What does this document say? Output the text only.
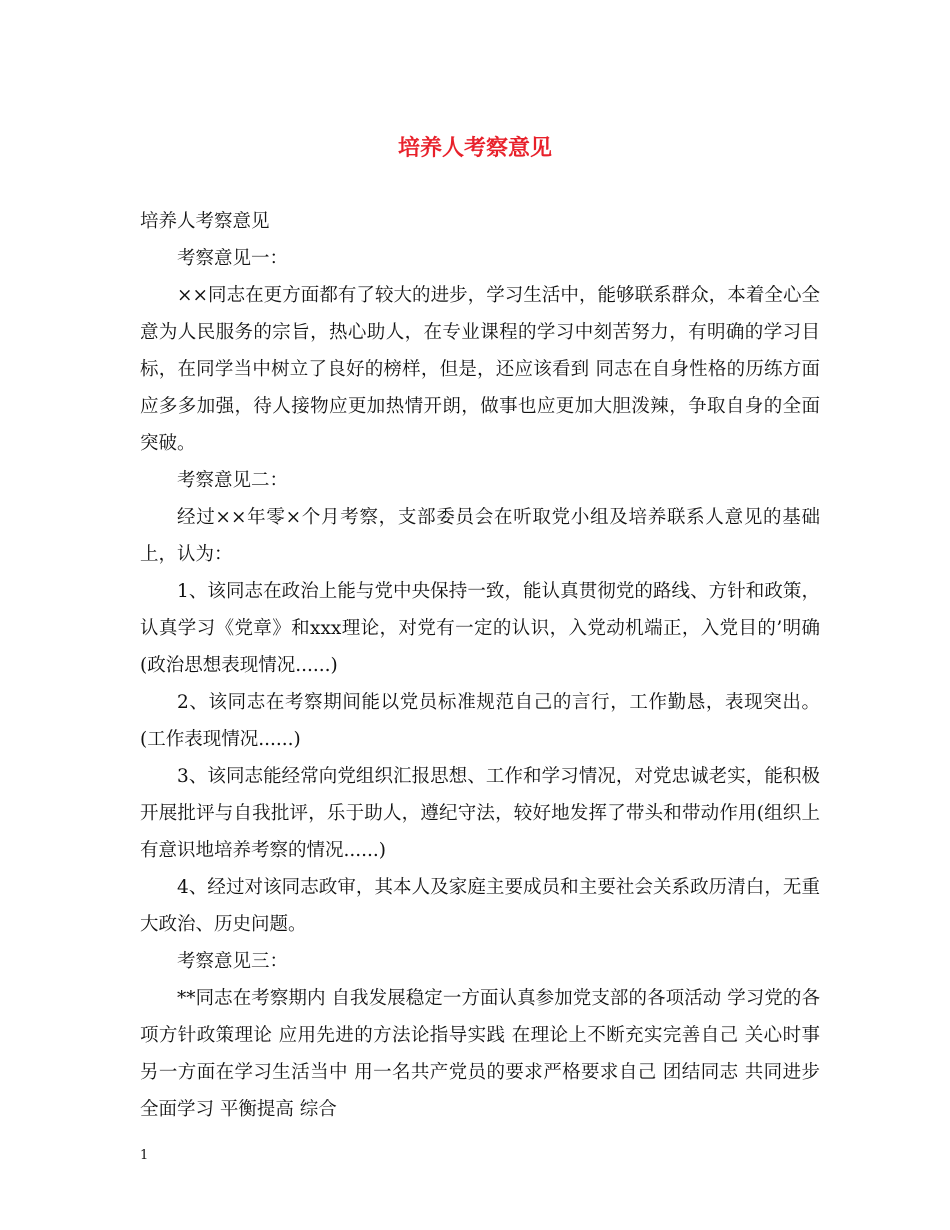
培养人考察意见

培养人考察意见

考察意见一：

××同志在更方面都有了较大的进步，学习生活中，能够联系群众，本着全心全意为人民服务的宗旨，热心助人，在专业课程的学习中刻苦努力，有明确的学习目标，在同学当中树立了良好的榜样，但是，还应该看到 同志在自身性格的历练方面应多多加强，待人接物应更加热情开朗，做事也应更加大胆泼辣，争取自身的全面突破。

考察意见二：

经过××年零×个月考察，支部委员会在听取党小组及培养联系人意见的基础上，认为：

1、该同志在政治上能与党中央保持一致，能认真贯彻党的路线、方针和政策，认真学习《党章》和xxx理论，对党有一定的认识，入党动机端正，入党目的’明确(政治思想表现情况......)

2、该同志在考察期间能以党员标准规范自己的言行，工作勤恳，表现突出。(工作表现情况......)

3、该同志能经常向党组织汇报思想、工作和学习情况，对党忠诚老实，能积极开展批评与自我批评，乐于助人，遵纪守法，较好地发挥了带头和带动作用(组织上有意识地培养考察的情况......)

4、经过对该同志政审，其本人及家庭主要成员和主要社会关系政历清白，无重大政治、历史问题。

考察意见三：

**同志在考察期内 自我发展稳定一方面认真参加党支部的各项活动 学习党的各项方针政策理论 应用先进的方法论指导实践 在理论上不断充实完善自己 关心时事 另一方面在学习生活当中 用一名共产党员的要求严格要求自己 团结同志 共同进步 全面学习 平衡提高 综合

1
